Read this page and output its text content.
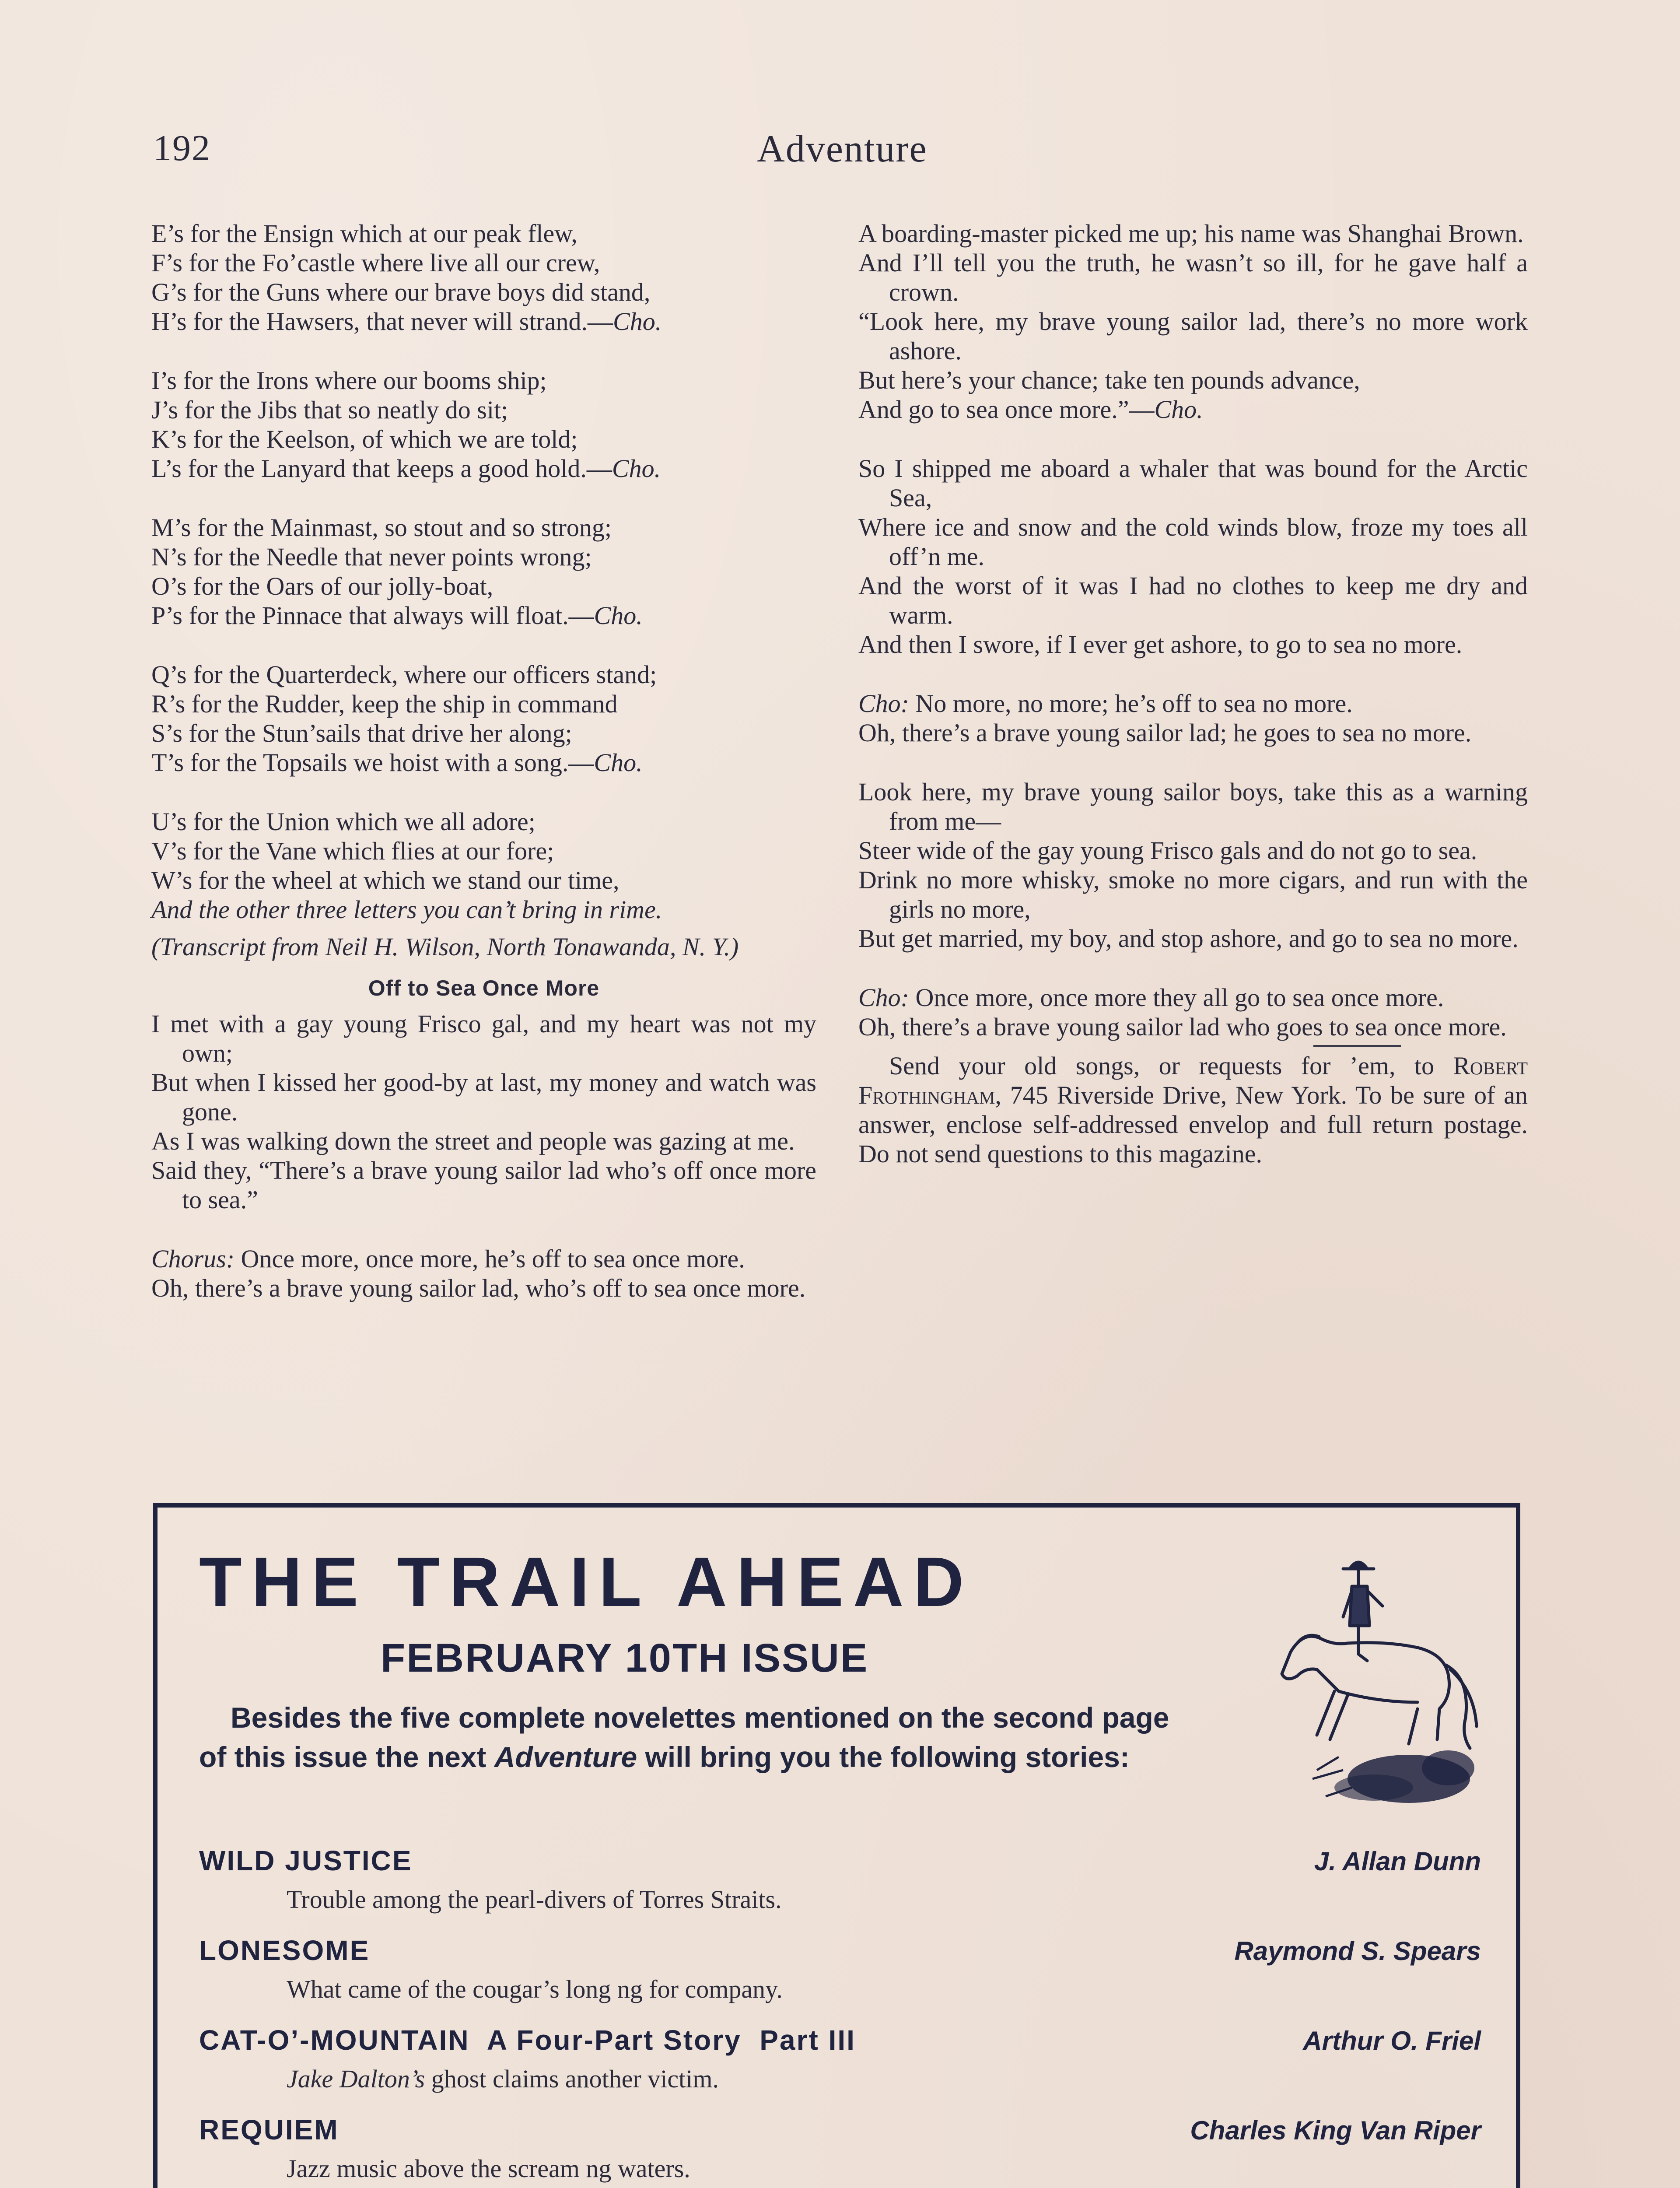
192	Adventure
E’s for the Ensign which at our peak flew,
F’s for the Fo’castle where live all our crew,
G’s for the Guns where our brave boys did stand,
H’s for the Hawsers, that never will strand.—Cho.
I’s for the Irons where our booms ship;
J’s for the Jibs that so neatly do sit;
K’s for the Keelson, of which we are told;
L’s for the Lanyard that keeps a good hold.—Cho.
M’s for the Mainmast, so stout and so strong;
N’s for the Needle that never points wrong;
O’s for the Oars of our jolly-boat,
P’s for the Pinnace that always will float.—Cho.
Q’s for the Quarterdeck, where our officers stand;
R’s for the Rudder, keep the ship in command
S’s for the Stun’sails that drive her along;
T’s for the Topsails we hoist with a song.—Cho.
U’s for the Union which we all adore;
V’s for the Vane which flies at our fore;
W’s for the wheel at which we stand our time,
And the other three letters you can’t bring in rime.
(Transcript from Neil H. Wilson, North Tonawanda, N. Y.)
Off to Sea Once More
I met with a gay young Frisco gal, and my heart was not my own;
But when I kissed her good-by at last, my money and watch was gone.
As I was walking down the street and people was gazing at me.
Said they, “There’s a brave young sailor lad who’s off once more to sea.”
Chorus: Once more, once more, he’s off to sea once more.
Oh, there’s a brave young sailor lad, who’s off to sea once more.
A boarding-master picked me up; his name was Shanghai Brown.
And I’ll tell you the truth, he wasn’t so ill, for he gave half a crown.
“Look here, my brave young sailor lad, there’s no more work ashore.
But here’s your chance; take ten pounds advance,
And go to sea once more.”—Cho.
So I shipped me aboard a whaler that was bound for the Arctic Sea,
Where ice and snow and the cold winds blow, froze my toes all off’n me.
And the worst of it was I had no clothes to keep me dry and warm.
And then I swore, if I ever get ashore, to go to sea no more.
Cho: No more, no more; he’s off to sea no more.
Oh, there’s a brave young sailor lad; he goes to sea no more.
Look here, my brave young sailor boys, take this as a warning from me—
Steer wide of the gay young Frisco gals and do not go to sea.
Drink no more whisky, smoke no more cigars, and run with the girls no more,
But get married, my boy, and stop ashore, and go to sea no more.
Cho: Once more, once more they all go to sea once more.
Oh, there’s a brave young sailor lad who goes to sea once more.
Send your old songs, or requests for ’em, to Robert Frothingham, 745 Riverside Drive, New York. To be sure of an answer, enclose self-addressed envelop and full return postage. Do not send questions to this magazine.
THE TRAIL AHEAD
FEBRUARY 10TH ISSUE
Besides the five complete novelettes mentioned on the second page of this issue the next Adventure will bring you the following stories:
WILD JUSTICE	J. Allan Dunn
Trouble among the pearl-divers of Torres Straits.
LONESOME	Raymond S. Spears
What came of the cougar’s long ng for company.
CAT-O’-MOUNTAIN  A Four-Part Story  Part III	Arthur O. Friel
Jake Dalton’s ghost claims another victim.
REQUIEM	Charles King Van Riper
Jazz music above the scream ng waters.
